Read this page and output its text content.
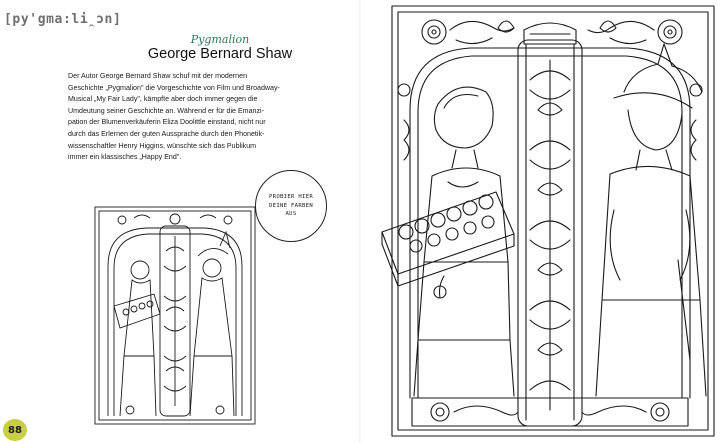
[py'gma:li̯ɔn]
Pygmalion
George Bernard Shaw
Der Autor George Bernard Shaw schuf mit der modernen
Geschichte „Pygmalion" die Vorgeschichte von Film und Broadway-
Musical „My Fair Lady", kämpfte aber doch immer gegen die
Umdeutung seiner Geschichte an. Während er für die Emanzi-
pation der Blumenverkäuferin Eliza Doolittle einstand, nicht nur
durch das Erlernen der guten Aussprache durch den Phonetik-
wissenschaftler Henry Higgins, wünschte sich das Publikum
immer ein klassisches „Happy End".
PROBIER HIER DEINE FARBEN AUS
88
